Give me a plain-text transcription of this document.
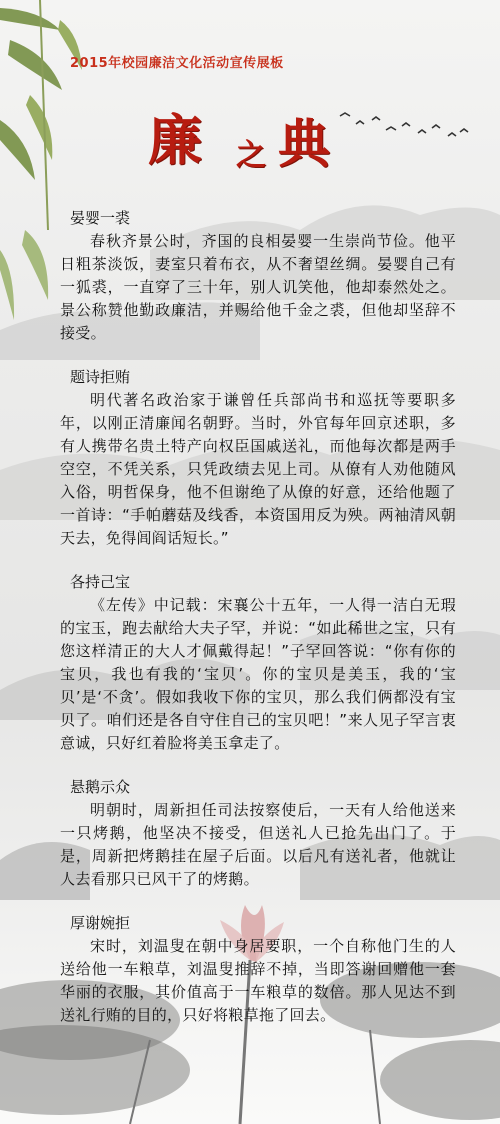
2015年校园廉洁文化活动宣传展板
廉 之 典
晏婴一裘

春秋齐景公时，齐国的良相晏婴一生崇尚节俭。他平日粗茶淡饭，妻室只着布衣，从不奢望丝绸。晏婴自己有一狐裘，一直穿了三十年，别人讥笑他，他却泰然处之。景公称赞他勤政廉洁，并赐给他千金之裘，但他却坚辞不接受。

题诗拒贿

明代著名政治家于谦曾任兵部尚书和巡抚等要职多年，以刚正清廉闻名朝野。当时，外官每年回京述职，多有人携带名贵土特产向权臣国戚送礼，而他每次都是两手空空，不凭关系，只凭政绩去见上司。从僚有人劝他随风入俗，明哲保身，他不但谢绝了从僚的好意，还给他题了一首诗：“手帕蘑菇及线香，本资国用反为殃。两袖清风朝天去，免得闾阎话短长。”

各持己宝

《左传》中记载：宋襄公十五年，一人得一洁白无瑕的宝玉，跑去献给大夫子罕，并说：“如此稀世之宝，只有您这样清正的大人才佩戴得起！”子罕回答说：“你有你的宝贝，我也有我的‘宝贝’。你的宝贝是美玉，我的‘宝贝’是‘不贪’。假如我收下你的宝贝，那么我们俩都没有宝贝了。咱们还是各自守住自己的宝贝吧！”来人见子罕言衷意诚，只好红着脸将美玉拿走了。

悬鹅示众

明朝时，周新担任司法按察使后，一天有人给他送来一只烤鹅，他坚决不接受，但送礼人已抢先出门了。于是，周新把烤鹅挂在屋子后面。以后凡有送礼者，他就让人去看那只已风干了的烤鹅。

厚谢婉拒

宋时，刘温叟在朝中身居要职，一个自称他门生的人送给他一车粮草，刘温叟推辞不掉，当即答谢回赠他一套华丽的衣服，其价值高于一车粮草的数倍。那人见达不到送礼行贿的目的，只好将粮草拖了回去。
